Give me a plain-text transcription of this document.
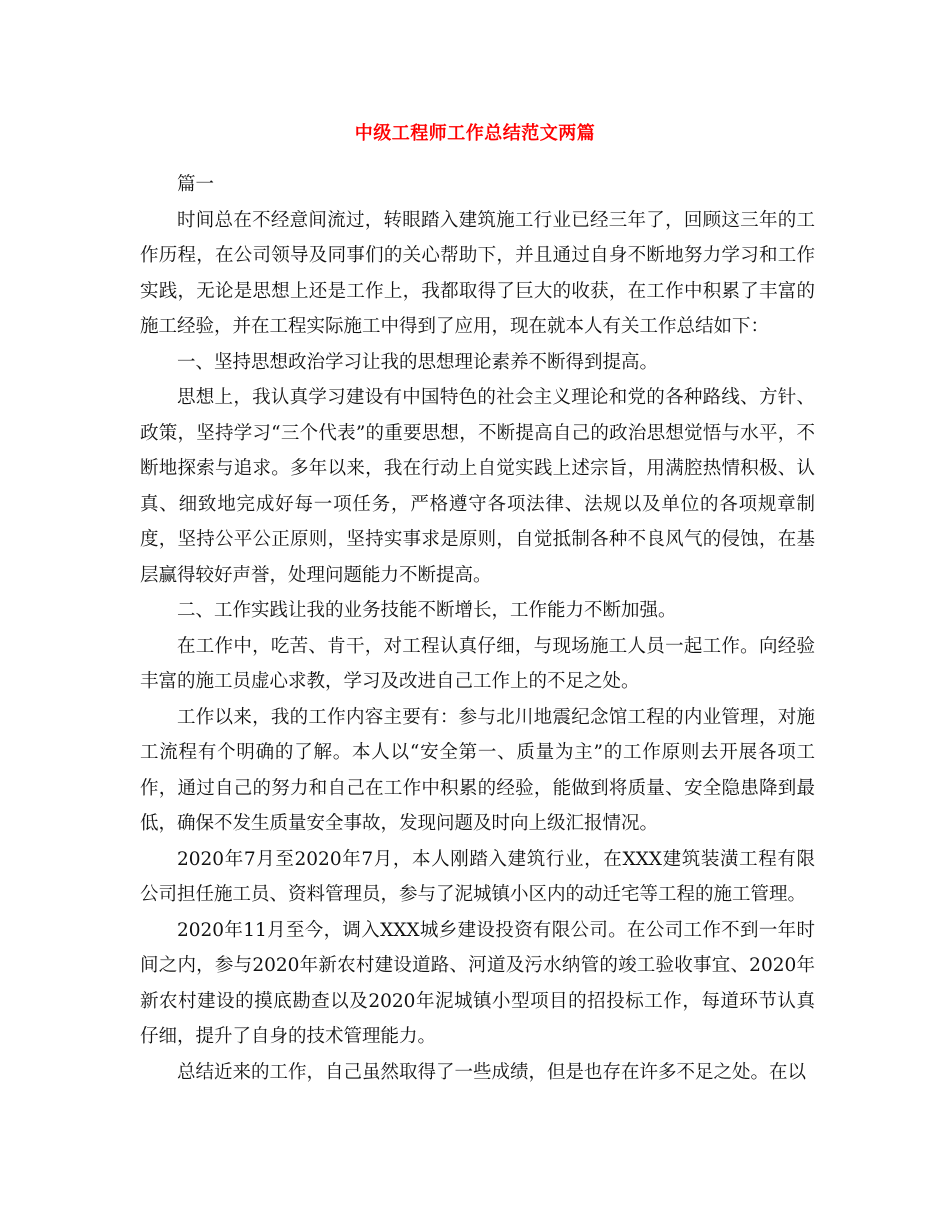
中级工程师工作总结范文两篇

篇一

时间总在不经意间流过，转眼踏入建筑施工行业已经三年了，回顾这三年的工作历程，在公司领导及同事们的关心帮助下，并且通过自身不断地努力学习和工作实践，无论是思想上还是工作上，我都取得了巨大的收获，在工作中积累了丰富的施工经验，并在工程实际施工中得到了应用，现在就本人有关工作总结如下：

一、坚持思想政治学习让我的思想理论素养不断得到提高。

思想上，我认真学习建设有中国特色的社会主义理论和党的各种路线、方针、政策，坚持学习“三个代表”的重要思想，不断提高自己的政治思想觉悟与水平，不断地探索与追求。多年以来，我在行动上自觉实践上述宗旨，用满腔热情积极、认真、细致地完成好每一项任务，严格遵守各项法律、法规以及单位的各项规章制度，坚持公平公正原则，坚持实事求是原则，自觉抵制各种不良风气的侵蚀，在基层赢得较好声誉，处理问题能力不断提高。

二、工作实践让我的业务技能不断增长，工作能力不断加强。

在工作中，吃苦、肯干，对工程认真仔细，与现场施工人员一起工作。向经验丰富的施工员虚心求教，学习及改进自己工作上的不足之处。

工作以来，我的工作内容主要有：参与北川地震纪念馆工程的内业管理，对施工流程有个明确的了解。本人以“安全第一、质量为主”的工作原则去开展各项工作，通过自己的努力和自己在工作中积累的经验，能做到将质量、安全隐患降到最低，确保不发生质量安全事故，发现问题及时向上级汇报情况。

2020年7月至2020年7月，本人刚踏入建筑行业，在XXX建筑装潢工程有限公司担任施工员、资料管理员，参与了泥城镇小区内的动迁宅等工程的施工管理。

2020年11月至今，调入XXX城乡建设投资有限公司。在公司工作不到一年时间之内，参与2020年新农村建设道路、河道及污水纳管的竣工验收事宜、2020年新农村建设的摸底勘查以及2020年泥城镇小型项目的招投标工作，每道环节认真仔细，提升了自身的技术管理能力。

总结近来的工作，自己虽然取得了一些成绩，但是也存在许多不足之处。在以
